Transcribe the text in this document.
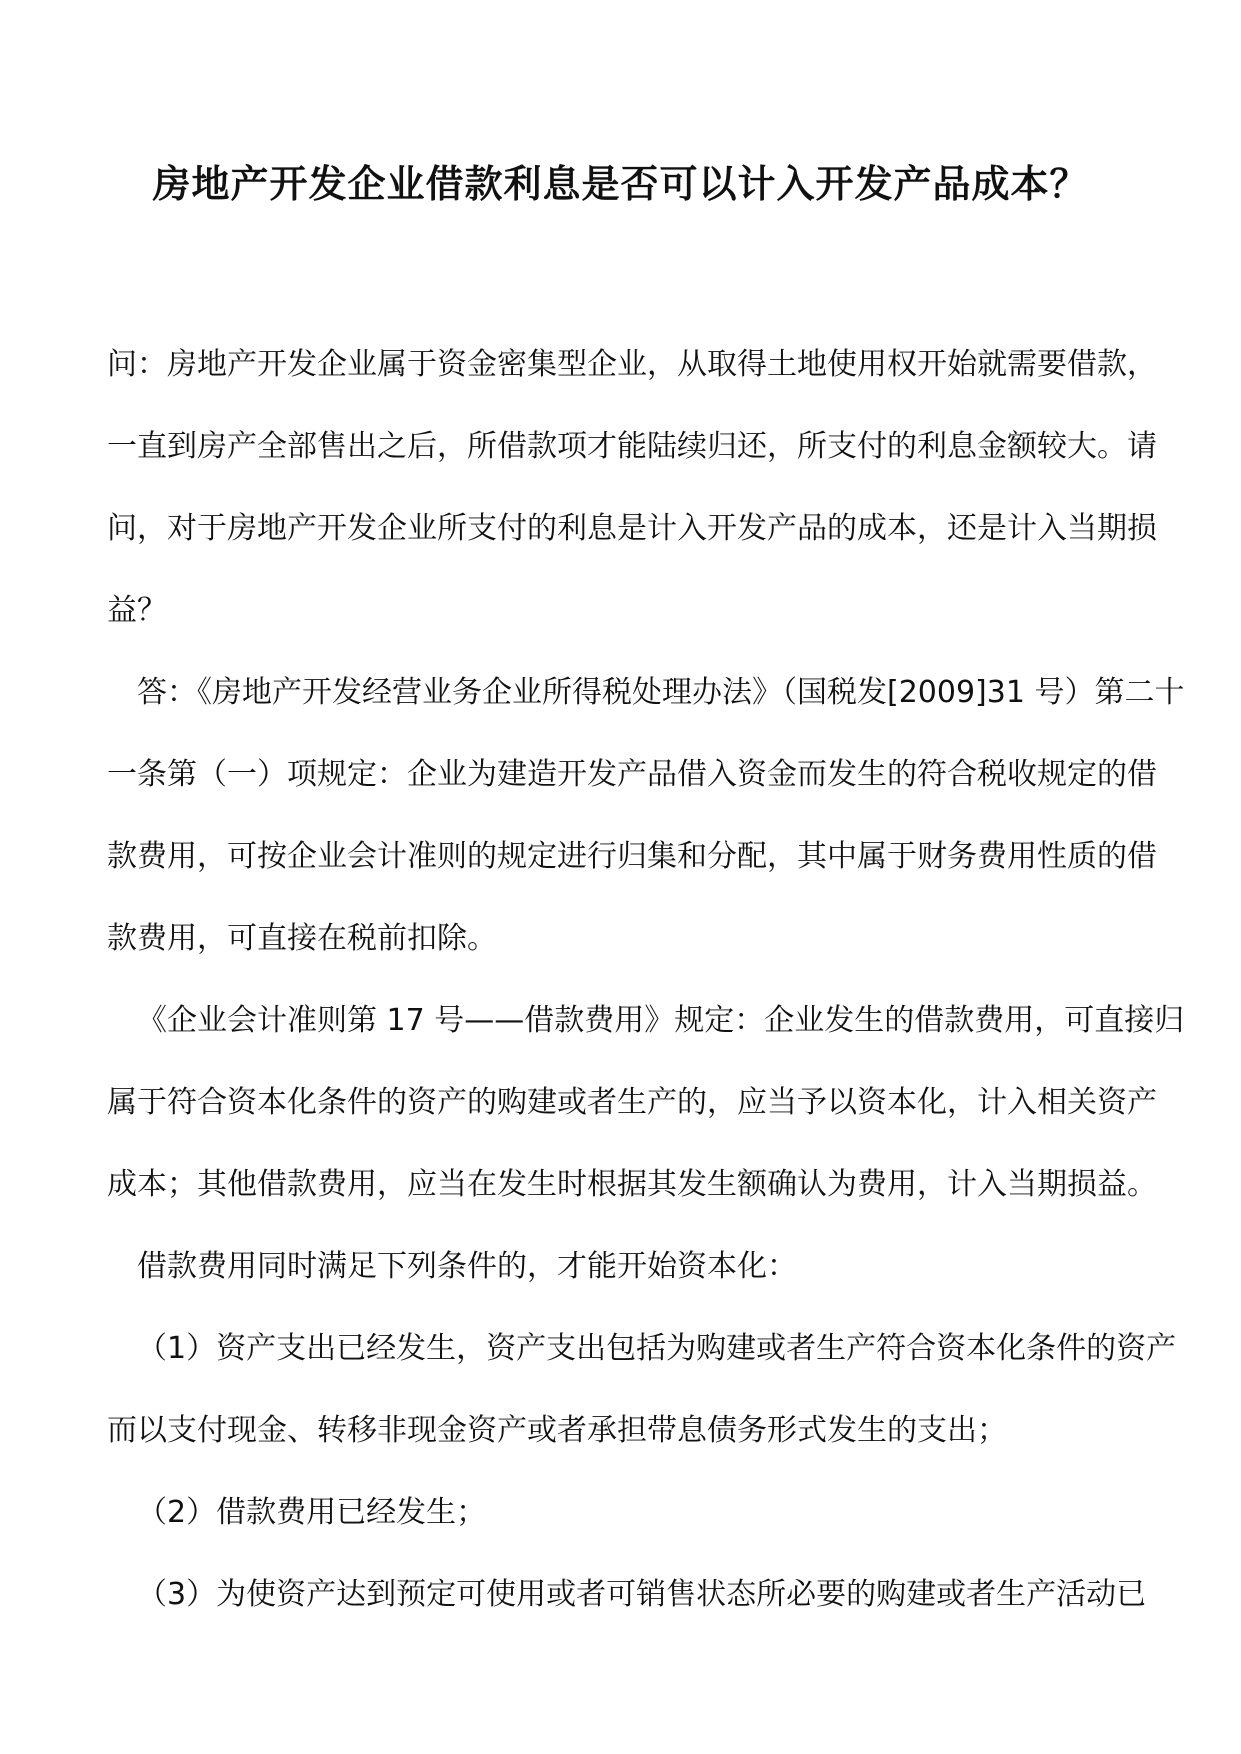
房地产开发企业借款利息是否可以计入开发产品成本？
问：房地产开发企业属于资金密集型企业，从取得土地使用权开始就需要借款，
一直到房产全部售出之后，所借款项才能陆续归还，所支付的利息金额较大。请
问，对于房地产开发企业所支付的利息是计入开发产品的成本，还是计入当期损
益？
答：《房地产开发经营业务企业所得税处理办法》（国税发[2009]31 号）第二十
一条第（一）项规定：企业为建造开发产品借入资金而发生的符合税收规定的借
款费用，可按企业会计准则的规定进行归集和分配，其中属于财务费用性质的借
款费用，可直接在税前扣除。
《企业会计准则第 17 号——借款费用》规定：企业发生的借款费用，可直接归
属于符合资本化条件的资产的购建或者生产的，应当予以资本化，计入相关资产
成本；其他借款费用，应当在发生时根据其发生额确认为费用，计入当期损益。
借款费用同时满足下列条件的，才能开始资本化：
（1）资产支出已经发生，资产支出包括为购建或者生产符合资本化条件的资产
而以支付现金、转移非现金资产或者承担带息债务形式发生的支出；
（2）借款费用已经发生；
（3）为使资产达到预定可使用或者可销售状态所必要的购建或者生产活动已
